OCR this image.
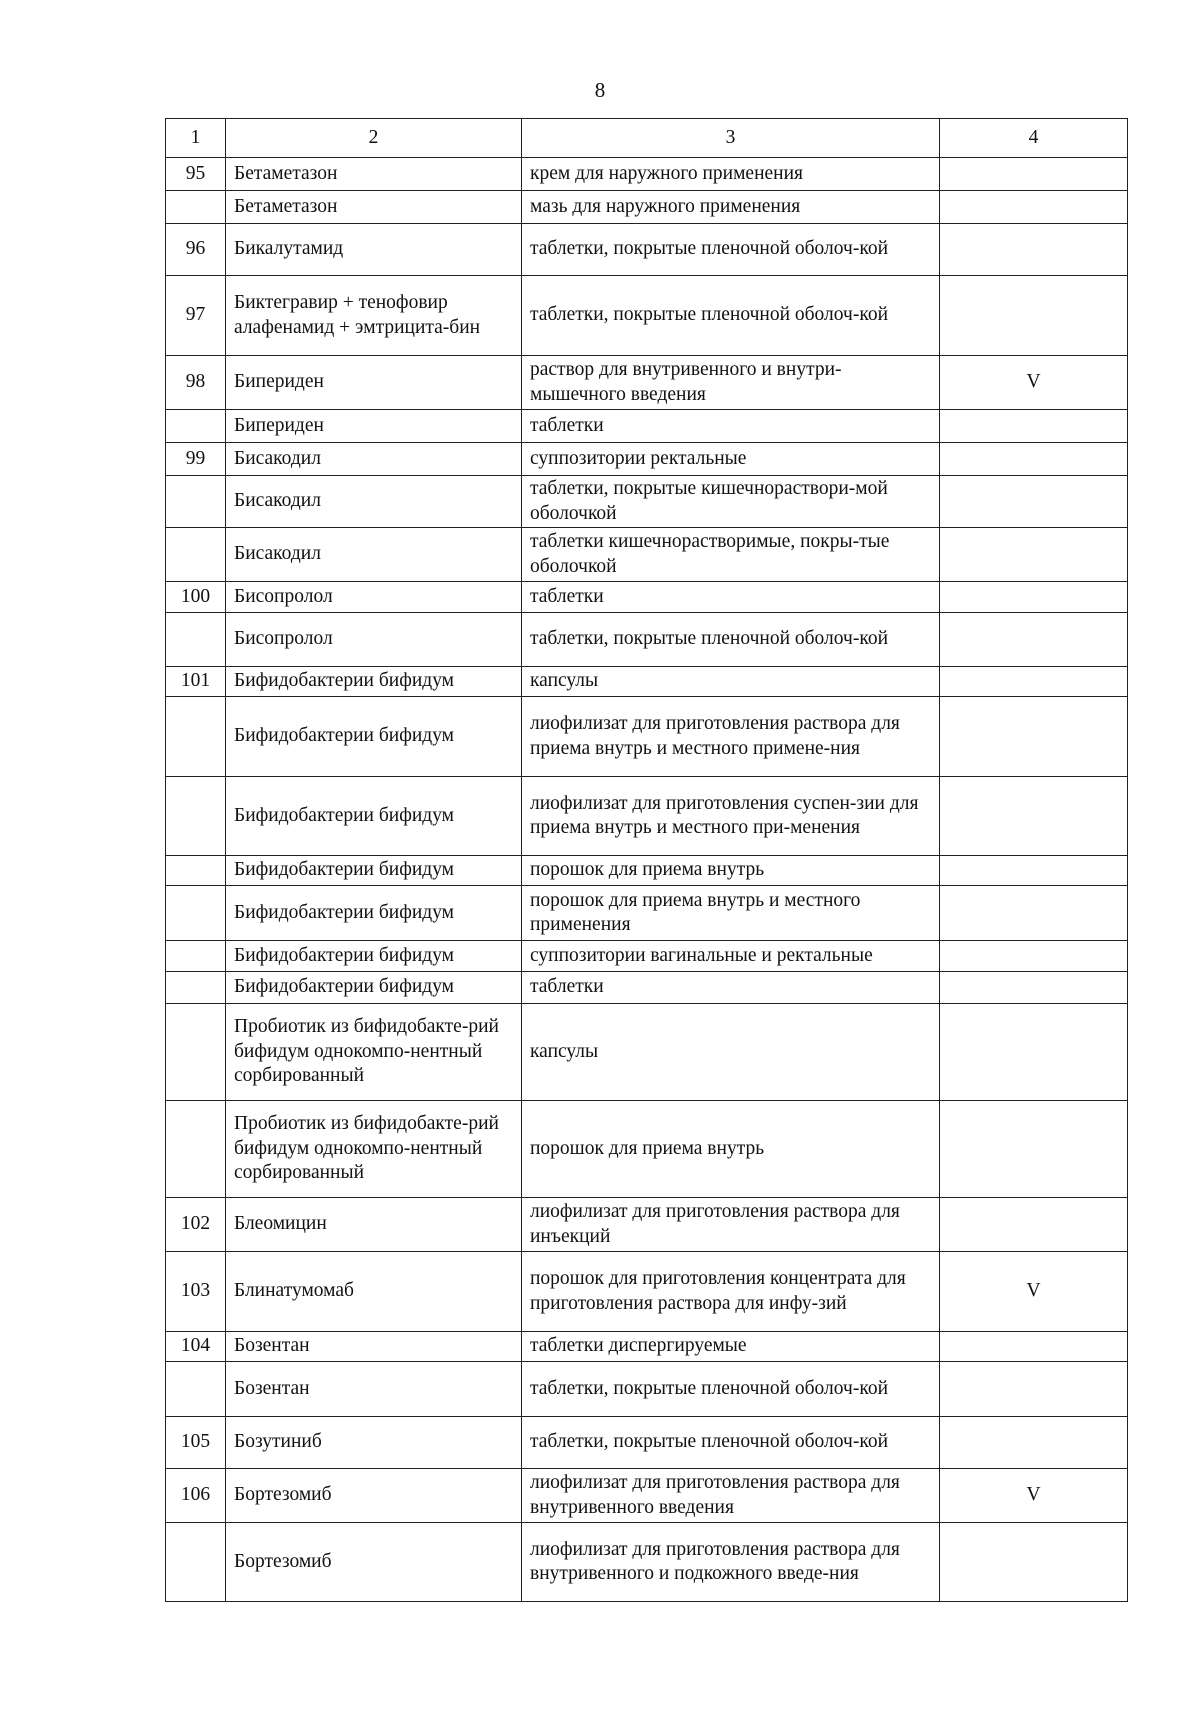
8
1	2	3	4
95	Бетаметазон	крем для наружного применения	
	Бетаметазон	мазь для наружного применения	
96	Бикалутамид	таблетки, покрытые пленочной оболоч-кой	
97	Биктегравир + тенофовир алафенамид + эмтрицита-бин	таблетки, покрытые пленочной оболоч-кой	
98	Бипериден	раствор для внутривенного и внутри-мышечного введения	V
	Бипериден	таблетки	
99	Бисакодил	суппозитории ректальные	
	Бисакодил	таблетки, покрытые кишечнораствори-мой оболочкой	
	Бисакодил	таблетки кишечнорастворимые, покры-тые оболочкой	
100	Бисопролол	таблетки	
	Бисопролол	таблетки, покрытые пленочной оболоч-кой	
101	Бифидобактерии бифидум	капсулы	
	Бифидобактерии бифидум	лиофилизат для приготовления раствора для приема внутрь и местного примене-ния	
	Бифидобактерии бифидум	лиофилизат для приготовления суспен-зии для приема внутрь и местного при-менения	
	Бифидобактерии бифидум	порошок для приема внутрь	
	Бифидобактерии бифидум	порошок для приема внутрь и местного применения	
	Бифидобактерии бифидум	суппозитории вагинальные и ректальные	
	Бифидобактерии бифидум	таблетки	
	Пробиотик из бифидобакте-рий бифидум однокомпо-нентный сорбированный	капсулы	
	Пробиотик из бифидобакте-рий бифидум однокомпо-нентный сорбированный	порошок для приема внутрь	
102	Блеомицин	лиофилизат для приготовления раствора для инъекций	
103	Блинатумомаб	порошок для приготовления концентрата для приготовления раствора для инфу-зий	V
104	Бозентан	таблетки диспергируемые	
	Бозентан	таблетки, покрытые пленочной оболоч-кой	
105	Бозутиниб	таблетки, покрытые пленочной оболоч-кой	
106	Бортезомиб	лиофилизат для приготовления раствора для внутривенного введения	V
	Бортезомиб	лиофилизат для приготовления раствора для внутривенного и подкожного введе-ния	
